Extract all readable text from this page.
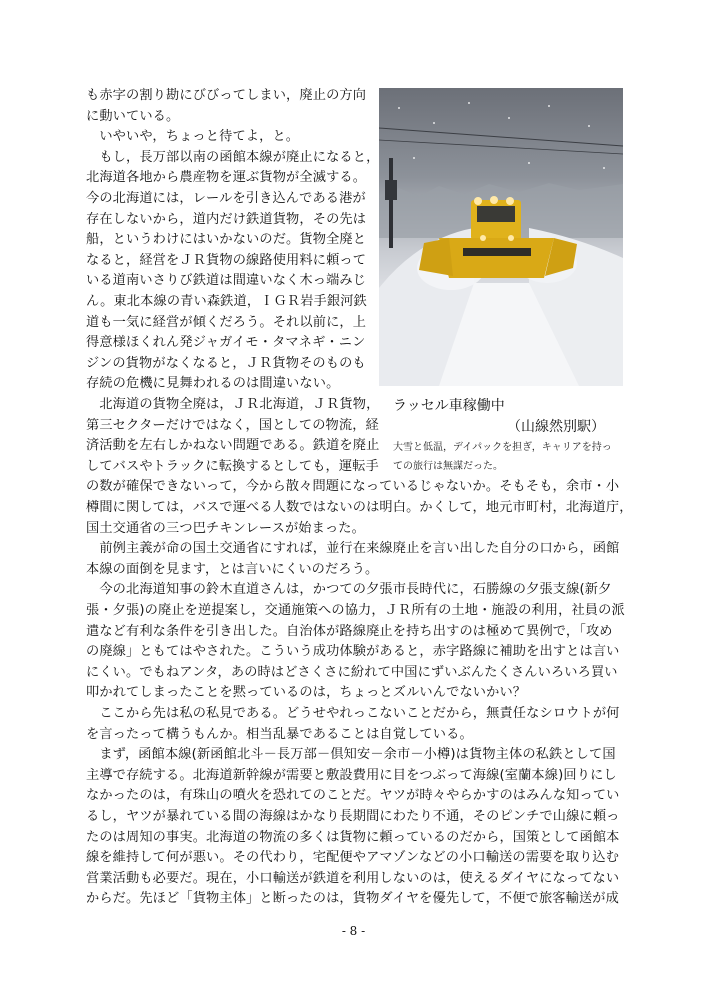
も赤字の割り勘にびびってしまい，廃止の方向
に動いている。
　いやいや，ちょっと待てよ，と。
　もし，長万部以南の函館本線が廃止になると，
北海道各地から農産物を運ぶ貨物が全滅する。
今の北海道には，レールを引き込んである港が
存在しないから，道内だけ鉄道貨物，その先は
船，というわけにはいかないのだ。貨物全廃と
なると，経営をＪＲ貨物の線路使用料に頼って
いる道南いさりび鉄道は間違いなく木っ端みじ
ん。東北本線の青い森鉄道，ＩＧＲ岩手銀河鉄
道も一気に経営が傾くだろう。それ以前に，上
得意様ほくれん発ジャガイモ・タマネギ・ニン
ジンの貨物がなくなると，ＪＲ貨物そのものも
存続の危機に見舞われるのは間違いない。
　北海道の貨物全廃は，ＪＲ北海道，ＪＲ貨物，
第三セクターだけではなく，国としての物流，経
済活動を左右しかねない問題である。鉄道を廃止
してバスやトラックに転換するとしても，運転手
の数が確保できないって，今から散々問題になっているじゃないか。そもそも，余市・小
樽間に関しては，バスで運べる人数ではないのは明白。かくして，地元市町村，北海道庁，
国土交通省の三つ巴チキンレースが始まった。
　前例主義が命の国土交通省にすれば，並行在来線廃止を言い出した自分の口から，函館
本線の面倒を見ます，とは言いにくいのだろう。
　今の北海道知事の鈴木直道さんは，かつての夕張市長時代に，石勝線の夕張支線(新夕
張・夕張)の廃止を逆提案し，交通施策への協力，ＪＲ所有の土地・施設の利用，社員の派
遣など有利な条件を引き出した。自治体が路線廃止を持ち出すのは極めて異例で，「攻め
の廃線」ともてはやされた。こういう成功体験があると，赤字路線に補助を出すとは言い
にくい。でもねアンタ，あの時はどさくさに紛れて中国にずいぶんたくさんいろいろ買い
叩かれてしまったことを黙っているのは，ちょっとズルいんでないかい？
　ここから先は私の私見である。どうせやれっこないことだから，無責任なシロウトが何
を言ったって構うもんか。相当乱暴であることは自覚している。
　まず，函館本線(新函館北斗－長万部－倶知安－余市－小樽)は貨物主体の私鉄として国
主導で存続する。北海道新幹線が需要と敷設費用に目をつぶって海線(室蘭本線)回りにし
なかったのは，有珠山の噴火を恐れてのことだ。ヤツが時々やらかすのはみんな知ってい
るし，ヤツが暴れている間の海線はかなり長期間にわたり不通，そのピンチで山線に頼っ
たのは周知の事実。北海道の物流の多くは貨物に頼っているのだから，国策として函館本
線を維持して何が悪い。その代わり，宅配便やアマゾンなどの小口輸送の需要を取り込む
営業活動も必要だ。現在，小口輸送が鉄道を利用しないのは，使えるダイヤになってない
からだ。先ほど「貨物主体」と断ったのは，貨物ダイヤを優先して，不便で旅客輸送が成
ラッセル車稼働中
（山線然別駅）
大雪と低温，デイパックを担ぎ，キャリアを持っ
ての旅行は無謀だった。
- 8 -
